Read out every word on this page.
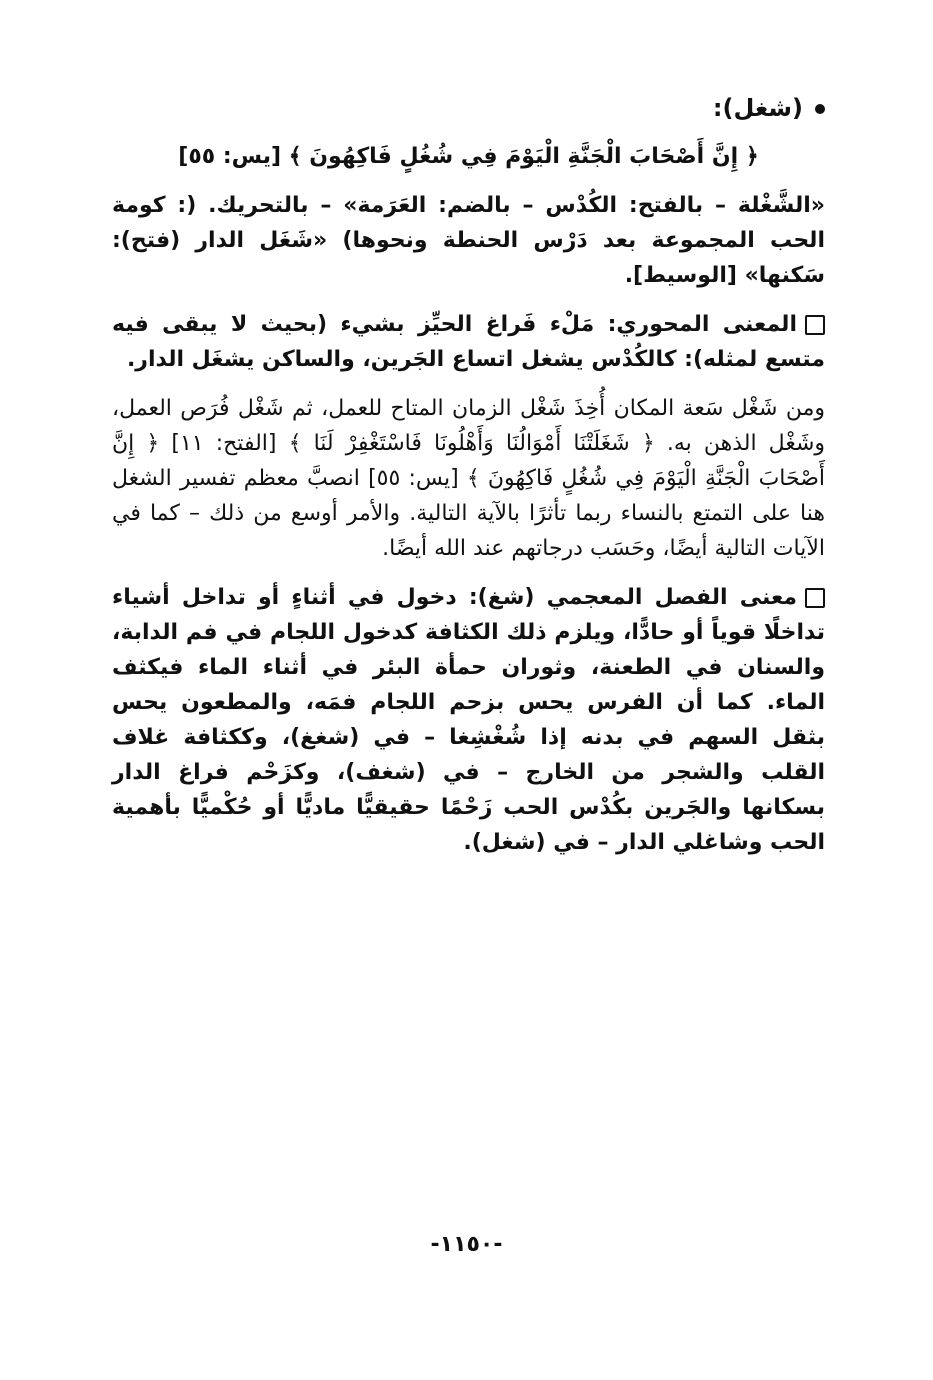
(شغل):
﴿ إِنَّ أَصْحَابَ الْجَنَّةِ الْيَوْمَ فِي شُغُلٍ فَاكِهُونَ ﴾ [يس: ٥٥]

«الشَّغْلة – بالفتح: الكُدْس – بالضم: العَرَمة» – بالتحريك. (: كومة الحب المجموعة بعد دَرْس الحنطة ونحوها) «شَغَل الدار (فتح): سَكنها» [الوسيط].

المعنى المحوري: مَلْء فَراغ الحيِّز بشيء (بحيث لا يبقى فيه متسع لمثله): كالكُدْس يشغل اتساع الجَرين، والساكن يشغَل الدار.

ومن شَغْل سَعة المكان أُخِذَ شَغْل الزمان المتاح للعمل، ثم شَغْل فُرَص العمل، وشَغْل الذهن به. ﴿ شَغَلَتْنَا أَمْوَالُنَا وَأَهْلُونَا فَاسْتَغْفِرْ لَنَا ﴾ [الفتح: ١١] ﴿ إِنَّ أَصْحَابَ الْجَنَّةِ الْيَوْمَ فِي شُغُلٍ فَاكِهُونَ ﴾ [يس: ٥٥] انصبَّ معظم تفسير الشغل هنا على التمتع بالنساء ربما تأثرًا بالآية التالية. والأمر أوسع من ذلك – كما في الآيات التالية أيضًا، وحَسَب درجاتهم عند الله أيضًا.

معنى الفصل المعجمي (شغ): دخول في أثناءٍ أو تداخل أشياء تداخلًا قوياً أو حادًّا، ويلزم ذلك الكثافة كدخول اللجام في فم الدابة، والسنان في الطعنة، وثوران حمأة البئر في أثناء الماء فيكثف الماء. كما أن الفرس يحس بزحم اللجام فمَه، والمطعون يحس بثقل السهم في بدنه إذا شُغْشِغا – في (شغغ)، وككثافة غلاف القلب والشجر من الخارج – في (شغف)، وكزَحْم فراغ الدار بسكانها والجَرين بكُدْس الحب زَحْمًا حقيقيًّا ماديًّا أو حُكْميًّا بأهمية الحب وشاغلي الدار – في (شغل).

-١١٥٠-
